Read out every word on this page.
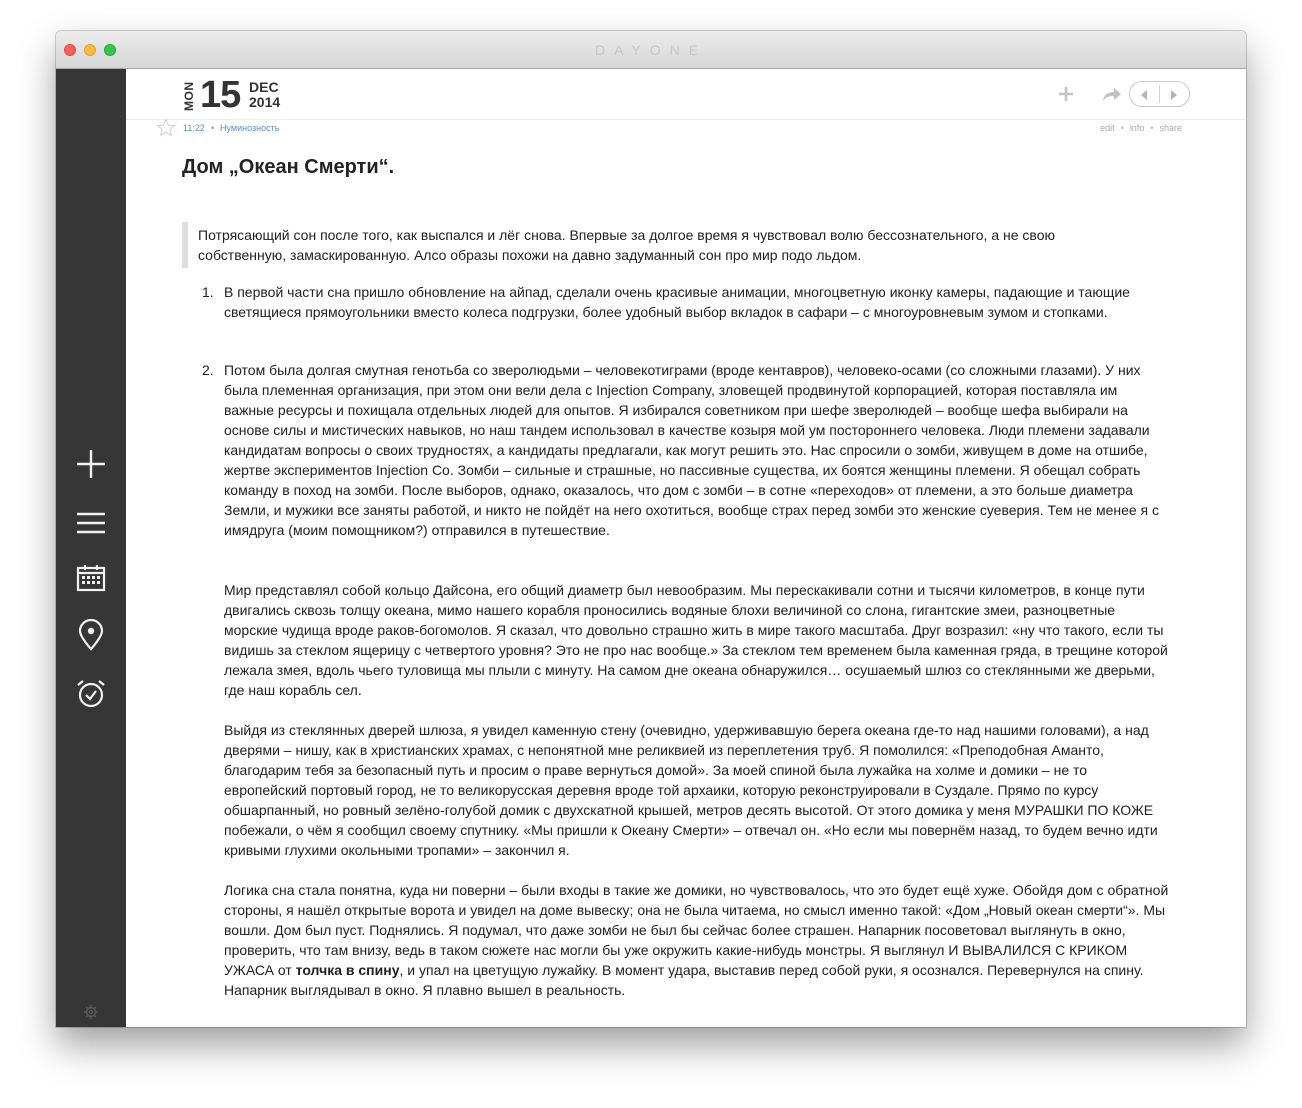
DAYONE
MON 15 DEC
2014
11:22 • Нуминозность	edit • info • share
Дом „Океан Смерти“.

Потрясающий сон после того, как выспался и лёг снова. Впервые за долгое время я чувствовал волю бессознательного, а не свою собственную, замаскированную. Алсо образы похожи на давно задуманный сон про мир подо льдом.

1. В первой части сна пришло обновление на айпад, сделали очень красивые анимации, многоцветную иконку камеры, падающие и тающие светящиеся прямоугольники вместо колеса подгрузки, более удобный выбор вкладок в сафари – с многоуровневым зумом и стопками.
2. Потом была долгая смутная генотьба со зверолюдьми – человекотиграми (вроде кентавров), человеко-осами (со сложными глазами). У них была племенная организация, при этом они вели дела с Injection Company, зловещей продвинутой корпорацией, которая поставляла им важные ресурсы и похищала отдельных людей для опытов. Я избирался советником при шефе зверолюдей – вообще шефа выбирали на основе силы и мистических навыков, но наш тандем использовал в качестве козыря мой ум постороннего человека. Люди племени задавали кандидатам вопросы о своих трудностях, а кандидаты предлагали, как могут решить это. Нас спросили о зомби, живущем в доме на отшибе, жертве экспериментов Injection Co. Зомби – сильные и страшные, но пассивные существа, их боятся женщины племени. Я обещал собрать команду в поход на зомби. После выборов, однако, оказалось, что дом с зомби – в сотне «переходов» от племени, а это больше диаметра Земли, и мужики все заняты работой, и никто не пойдёт на него охотиться, вообще страх перед зомби это женские суеверия. Тем не менее я с имядруга (моим помощником?) отправился в путешествие.

Мир представлял собой кольцо Дайсона, его общий диаметр был невообразим. Мы перескакивали сотни и тысячи километров, в конце пути двигались сквозь толщу океана, мимо нашего корабля проносились водяные блохи величиной со слона, гигантские змеи, разноцветные морские чудища вроде раков-богомолов. Я сказал, что довольно страшно жить в мире такого масштаба. Друг возразил: «ну что такого, если ты видишь за стеклом ящерицу с четвертого уровня? Это не про нас вообще.» За стеклом тем временем была каменная гряда, в трещине которой лежала змея, вдоль чьего туловища мы плыли с минуту. На самом дне океана обнаружился… осушаемый шлюз со стеклянными же дверьми, где наш корабль сел.

Выйдя из стеклянных дверей шлюза, я увидел каменную стену (очевидно, удерживавшую берега океана где-то над нашими головами), а над дверями – нишу, как в христианских храмах, с непонятной мне реликвией из переплетения труб. Я помолился: «Преподобная Аманто, благодарим тебя за безопасный путь и просим о праве вернуться домой». За моей спиной была лужайка на холме и домики – не то европейский портовый город, не то великорусская деревня вроде той архаики, которую реконструировали в Суздале. Прямо по курсу обшарпанный, но ровный зелёно-голубой домик с двухскатной крышей, метров десять высотой. От этого домика у меня МУРАШКИ ПО КОЖЕ побежали, о чём я сообщил своему спутнику. «Мы пришли к Океану Смерти» – отвечал он. «Но если мы повернём назад, то будем вечно идти кривыми глухими окольными тропами» – закончил я.

Логика сна стала понятна, куда ни поверни – были входы в такие же домики, но чувствовалось, что это будет ещё хуже. Обойдя дом с обратной стороны, я нашёл открытые ворота и увидел на доме вывеску; она не была читаема, но смысл именно такой: «Дом „Новый океан смерти“». Мы вошли. Дом был пуст. Поднялись. Я подумал, что даже зомби не был бы сейчас более страшен. Напарник посоветовал выглянуть в окно, проверить, что там внизу, ведь в таком сюжете нас могли бы уже окружить какие-нибудь монстры. Я выглянул И ВЫВАЛИЛСЯ С КРИКОМ УЖАСА от толчка в спину, и упал на цветущую лужайку. В момент удара, выставив перед собой руки, я осознался. Перевернулся на спину. Напарник выглядывал в окно. Я плавно вышел в реальность.
